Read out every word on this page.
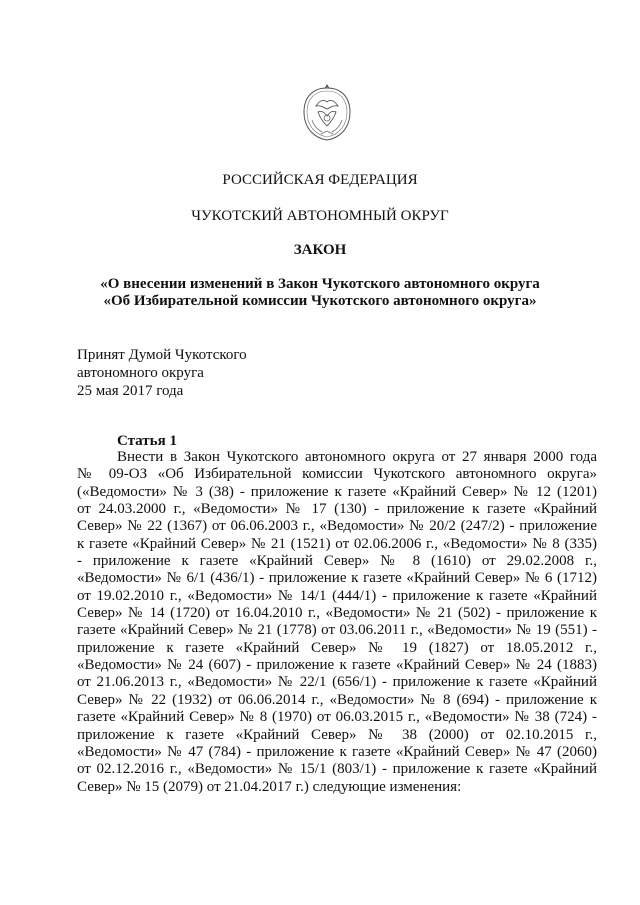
РОССИЙСКАЯ ФЕДЕРАЦИЯ
ЧУКОТСКИЙ АВТОНОМНЫЙ ОКРУГ
ЗАКОН
«О внесении изменений в Закон Чукотского автономного округа
«Об Избирательной комиссии Чукотского автономного округа»
Принят Думой Чукотского
автономного округа
25 мая 2017 года
Статья 1
Внести в Закон Чукотского автономного округа от 27 января 2000 года
№ 09-ОЗ «Об Избирательной комиссии Чукотского автономного округа»
(«Ведомости» № 3 (38) - приложение к газете «Крайний Север» № 12 (1201)
от 24.03.2000 г., «Ведомости» № 17 (130) - приложение к газете «Крайний
Север» № 22 (1367) от 06.06.2003 г., «Ведомости» № 20/2 (247/2) - приложение
к газете «Крайний Север» № 21 (1521) от 02.06.2006 г., «Ведомости» № 8 (335)
- приложение к газете «Крайний Север» № 8 (1610) от 29.02.2008 г.,
«Ведомости» № 6/1 (436/1) - приложение к газете «Крайний Север» № 6 (1712)
от 19.02.2010 г., «Ведомости» № 14/1 (444/1) - приложение к газете «Крайний
Север» № 14 (1720) от 16.04.2010 г., «Ведомости» № 21 (502) - приложение к
газете «Крайний Север» № 21 (1778) от 03.06.2011 г., «Ведомости» № 19 (551) -
приложение к газете «Крайний Север» № 19 (1827) от 18.05.2012 г.,
«Ведомости» № 24 (607) - приложение к газете «Крайний Север» № 24 (1883)
от 21.06.2013 г., «Ведомости» № 22/1 (656/1) - приложение к газете «Крайний
Север» № 22 (1932) от 06.06.2014 г., «Ведомости» № 8 (694) - приложение к
газете «Крайний Север» № 8 (1970) от 06.03.2015 г., «Ведомости» № 38 (724) -
приложение к газете «Крайний Север» № 38 (2000) от 02.10.2015 г.,
«Ведомости» № 47 (784) - приложение к газете «Крайний Север» № 47 (2060)
от 02.12.2016 г., «Ведомости» № 15/1 (803/1) - приложение к газете «Крайний
Север» № 15 (2079) от 21.04.2017 г.) следующие изменения:
